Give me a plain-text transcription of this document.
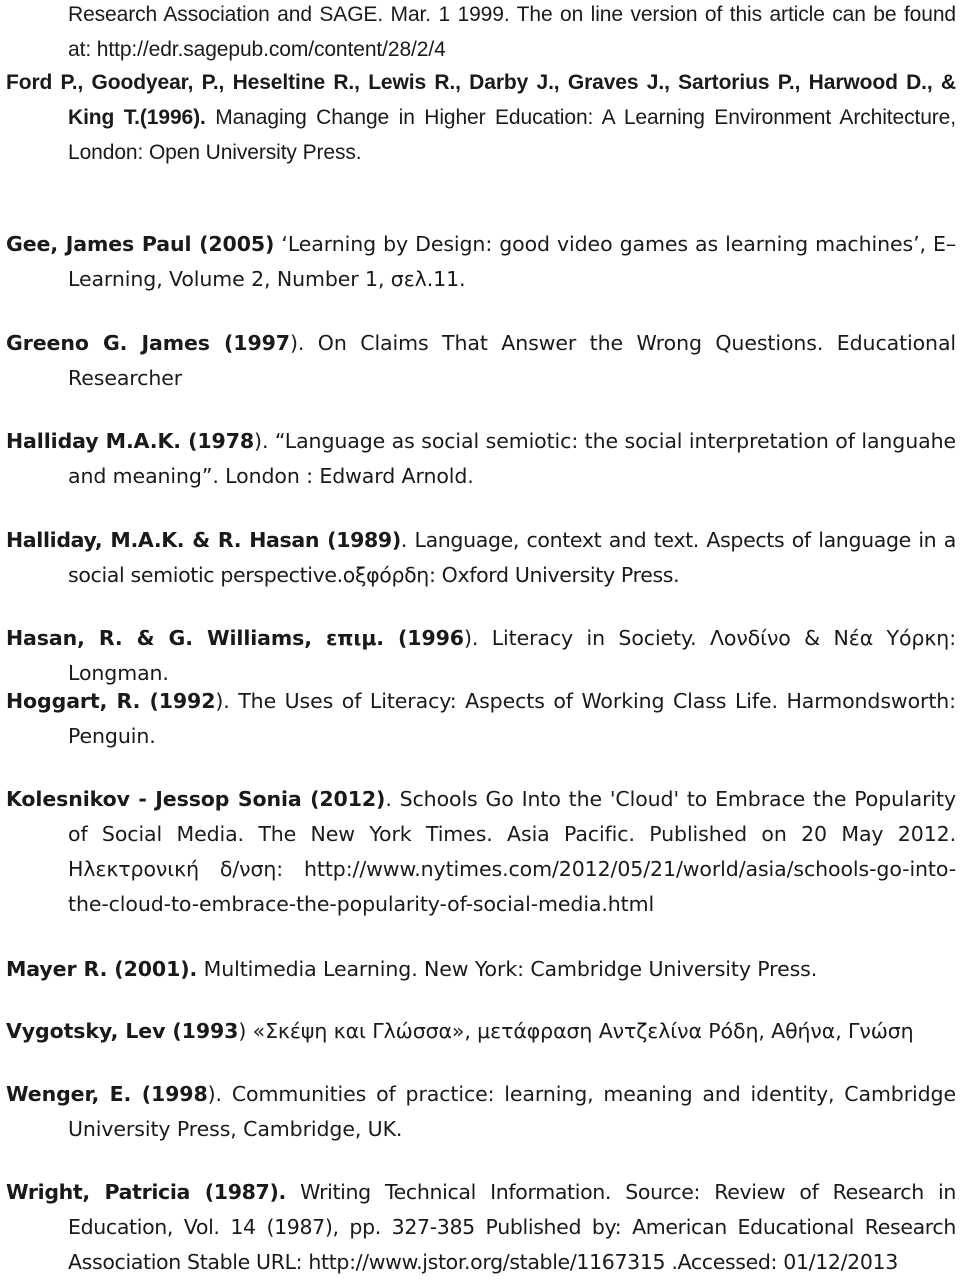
Research Association and SAGE. Mar. 1 1999. The on line version of this article can be found at: http://edr.sagepub.com/content/28/2/4
Ford P., Goodyear, P., Heseltine R., Lewis R., Darby J., Graves J., Sartorius P., Harwood D., & King T.(1996). Managing Change in Higher Education: A Learning Environment Architecture, London: Open University Press.
Gee, James Paul (2005) ‘Learning by Design: good video games as learning machines’, E– Learning, Volume 2, Number 1, σελ.11.
Greeno G. James (1997). On Claims That Answer the Wrong Questions. Educational Researcher
Halliday M.A.K. (1978). “Language as social semiotic: the social interpretation of languahe and meaning”. London : Edward Arnold.
Halliday, M.A.K. & R. Hasan (1989). Language, context and text. Aspects of language in a social semiotic perspective.οξφόρδη: Oxford University Press.
Hasan, R. & G. Williams, επιμ. (1996). Literacy in Society. Λονδίνο & Νέα Υόρκη: Longman.
Hoggart, R. (1992). The Uses of Literacy: Aspects of Working Class Life. Harmondsworth: Penguin.
Kolesnikov - Jessop Sonia (2012). Schools Go Into the 'Cloud' to Embrace the Popularity of Social Media. The New York Times. Asia Pacific. Published on 20 May 2012. Ηλεκτρονική δ/νση: http://www.nytimes.com/2012/05/21/world/asia/schools-go-into-the-cloud-to-embrace-the-popularity-of-social-media.html
Mayer R. (2001). Multimedia Learning. New York: Cambridge University Press.
Vygotsky, Lev (1993) «Σκέψη και Γλώσσα», μετάφραση Αντζελίνα Ρόδη, Αθήνα, Γνώση
Wenger, E. (1998). Communities of practice: learning, meaning and identity, Cambridge University Press, Cambridge, UK.
Wright, Patricia (1987). Writing Technical Information. Source: Review of Research in Education, Vol. 14 (1987), pp. 327-385 Published by: American Educational Research Association Stable URL: http://www.jstor.org/stable/1167315 .Accessed: 01/12/2013
